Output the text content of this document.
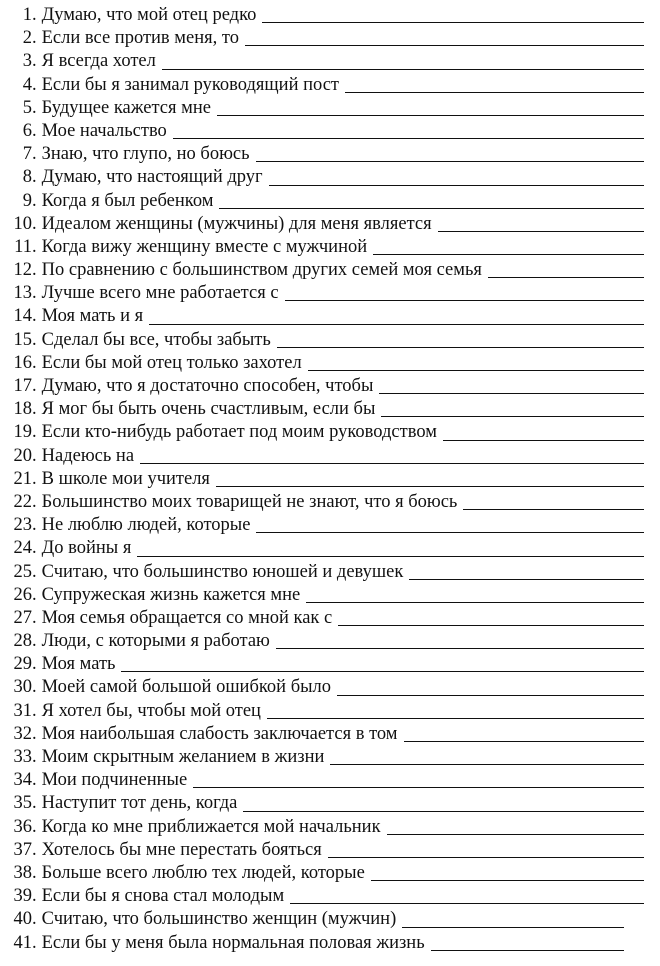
1 . Думаю, что мой отец редко
2 . Если все против меня, то
3 . Я всегда хотел
4 . Если бы я занимал руководящий пост
5 . Будущее кажется мне
6 . Мое начальство
7 . Знаю, что глупо, но боюсь
8 . Думаю, что настоящий друг
9 . Когда я был ребенком
10 . Идеалом женщины (мужчины) для меня является
11 . Когда вижу женщину вместе с мужчиной
12 . По сравнению с большинством других семей моя семья
13 . Лучше всего мне работается с
14 . Моя мать и я
15 . Сделал бы все, чтобы забыть
16 . Если бы мой отец только захотел
17 . Думаю, что я достаточно способен, чтобы
18 . Я мог бы быть очень счастливым, если бы
19 . Если кто-нибудь работает под моим руководством
20 . Надеюсь на
21 . В школе мои учителя
22 . Большинство моих товарищей не знают, что я боюсь
23 . Не люблю людей, которые
24 . До войны я
25 . Считаю, что большинство юношей и девушек
26 . Супружеская жизнь кажется мне
27 . Моя семья обращается со мной как с
28 . Люди, с которыми я работаю
29 . Моя мать
30 . Моей самой большой ошибкой было
31 . Я хотел бы, чтобы мой отец
32 . Моя наибольшая слабость заключается в том
33 . Моим скрытным желанием в жизни
34 . Мои подчиненные
35 . Наступит тот день, когда
36 . Когда ко мне приближается мой начальник
37 . Хотелось бы мне перестать бояться
38 . Больше всего люблю тех людей, которые
39 . Если бы я снова стал молодым
40 . Считаю, что большинство женщин (мужчин)
41 . Если бы у меня была нормальная половая жизнь
